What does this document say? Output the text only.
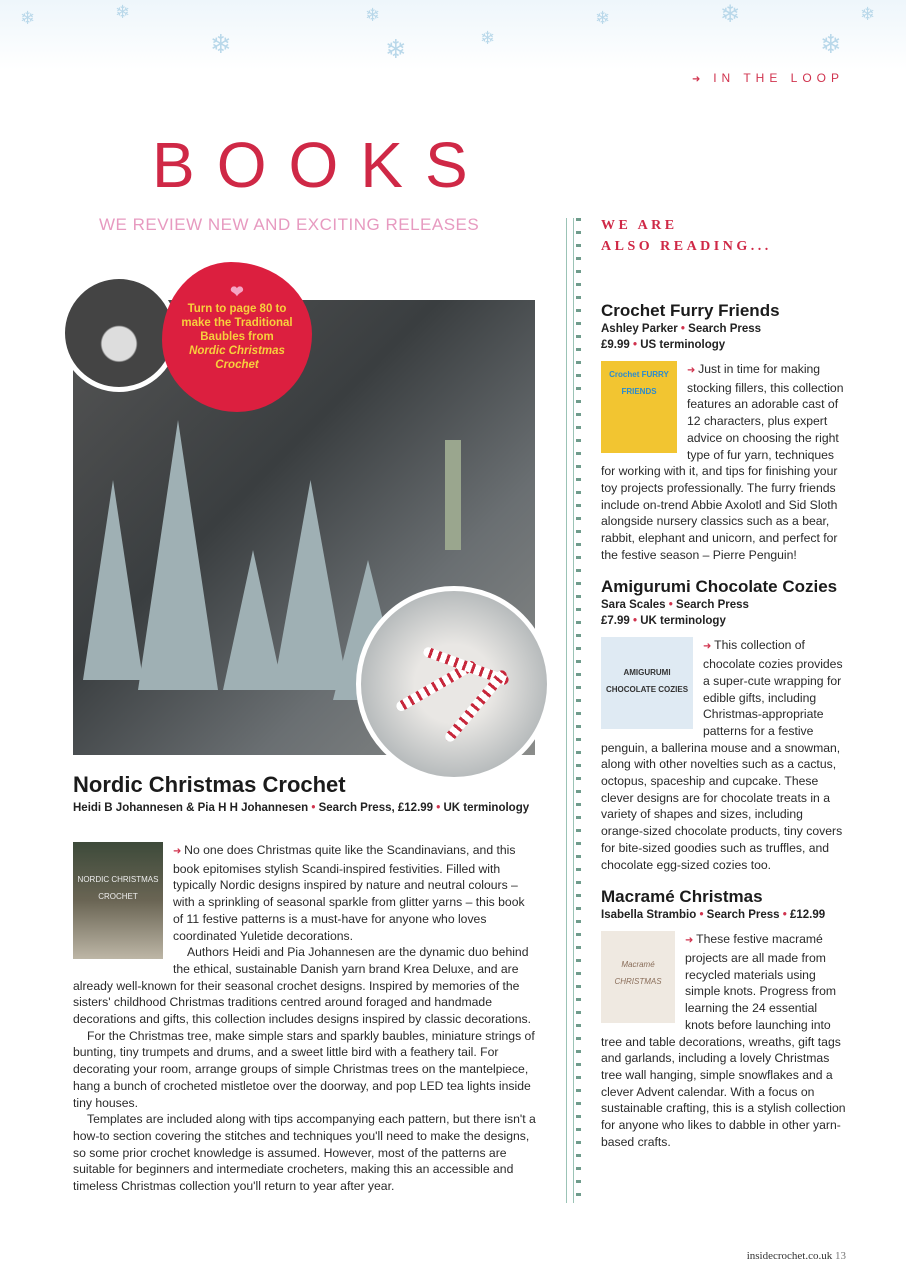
❄	❄
❄
❄
❄	❄
❄	❄
❄
❄
➜ IN THE LOOP
BOOKS
WE REVIEW NEW AND EXCITING RELEASES
❤
Turn to page 80 to make the Traditional Baubles from
Nordic Christmas Crochet
Nordic Christmas Crochet
Heidi B Johannesen & Pia H H Johannesen • Search Press, £12.99 • UK terminology
NORDIC CHRISTMAS CROCHET

➜ No one does Christmas quite like the Scandinavians, and this book epitomises stylish Scandi-inspired festivities. Filled with typically Nordic designs inspired by nature and neutral colours – with a sprinkling of seasonal sparkle from glitter yarns – this book of 11 festive patterns is a must-have for anyone who loves coordinated Yuletide decorations.

Authors Heidi and Pia Johannesen are the dynamic duo behind the ethical, sustainable Danish yarn brand Krea Deluxe, and are already well-known for their seasonal crochet designs. Inspired by memories of the sisters' childhood Christmas traditions centred around foraged and handmade decorations and gifts, this collection includes designs inspired by classic decorations.

For the Christmas tree, make simple stars and sparkly baubles, miniature strings of bunting, tiny trumpets and drums, and a sweet little bird with a feathery tail. For decorating your room, arrange groups of simple Christmas trees on the mantelpiece, hang a bunch of crocheted mistletoe over the doorway, and pop LED tea lights inside tiny houses.

Templates are included along with tips accompanying each pattern, but there isn't a how-to section covering the stitches and techniques you'll need to make the designs, so some prior crochet knowledge is assumed. However, most of the patterns are suitable for beginners and intermediate crocheters, making this an accessible and timeless Christmas collection you'll return to year after year.

WE ARE
ALSO READING...
Crochet Furry Friends
Ashley Parker • Search Press
£9.99 • US terminology
Crochet FURRY FRIENDS

➜ Just in time for making stocking fillers, this collection features an adorable cast of 12 characters, plus expert advice on choosing the right type of fur yarn, techniques for working with it, and tips for finishing your toy projects professionally. The furry friends include on-trend Abbie Axolotl and Sid Sloth alongside nursery classics such as a bear, rabbit, elephant and unicorn, and perfect for the festive season – Pierre Penguin!

Amigurumi Chocolate Cozies
Sara Scales • Search Press
£7.99 • UK terminology
AMIGURUMI CHOCOLATE COZIES

➜ This collection of chocolate cozies provides a super-cute wrapping for edible gifts, including Christmas-appropriate patterns for a festive penguin, a ballerina mouse and a snowman, along with other novelties such as a cactus, octopus, spaceship and cupcake. These clever designs are for chocolate treats in a variety of shapes and sizes, including orange-sized chocolate products, tiny covers for bite-sized goodies such as truffles, and chocolate egg-sized cozies too.

Macramé Christmas
Isabella Strambio • Search Press • £12.99
Macramé CHRISTMAS

➜ These festive macramé projects are all made from recycled materials using simple knots. Progress from learning the 24 essential knots before launching into tree and table decorations, wreaths, gift tags and garlands, including a lovely Christmas tree wall hanging, simple snowflakes and a clever Advent calendar. With a focus on sustainable crafting, this is a stylish collection for anyone who likes to dabble in other yarn-based crafts.

insidecrochet.co.uk 13
